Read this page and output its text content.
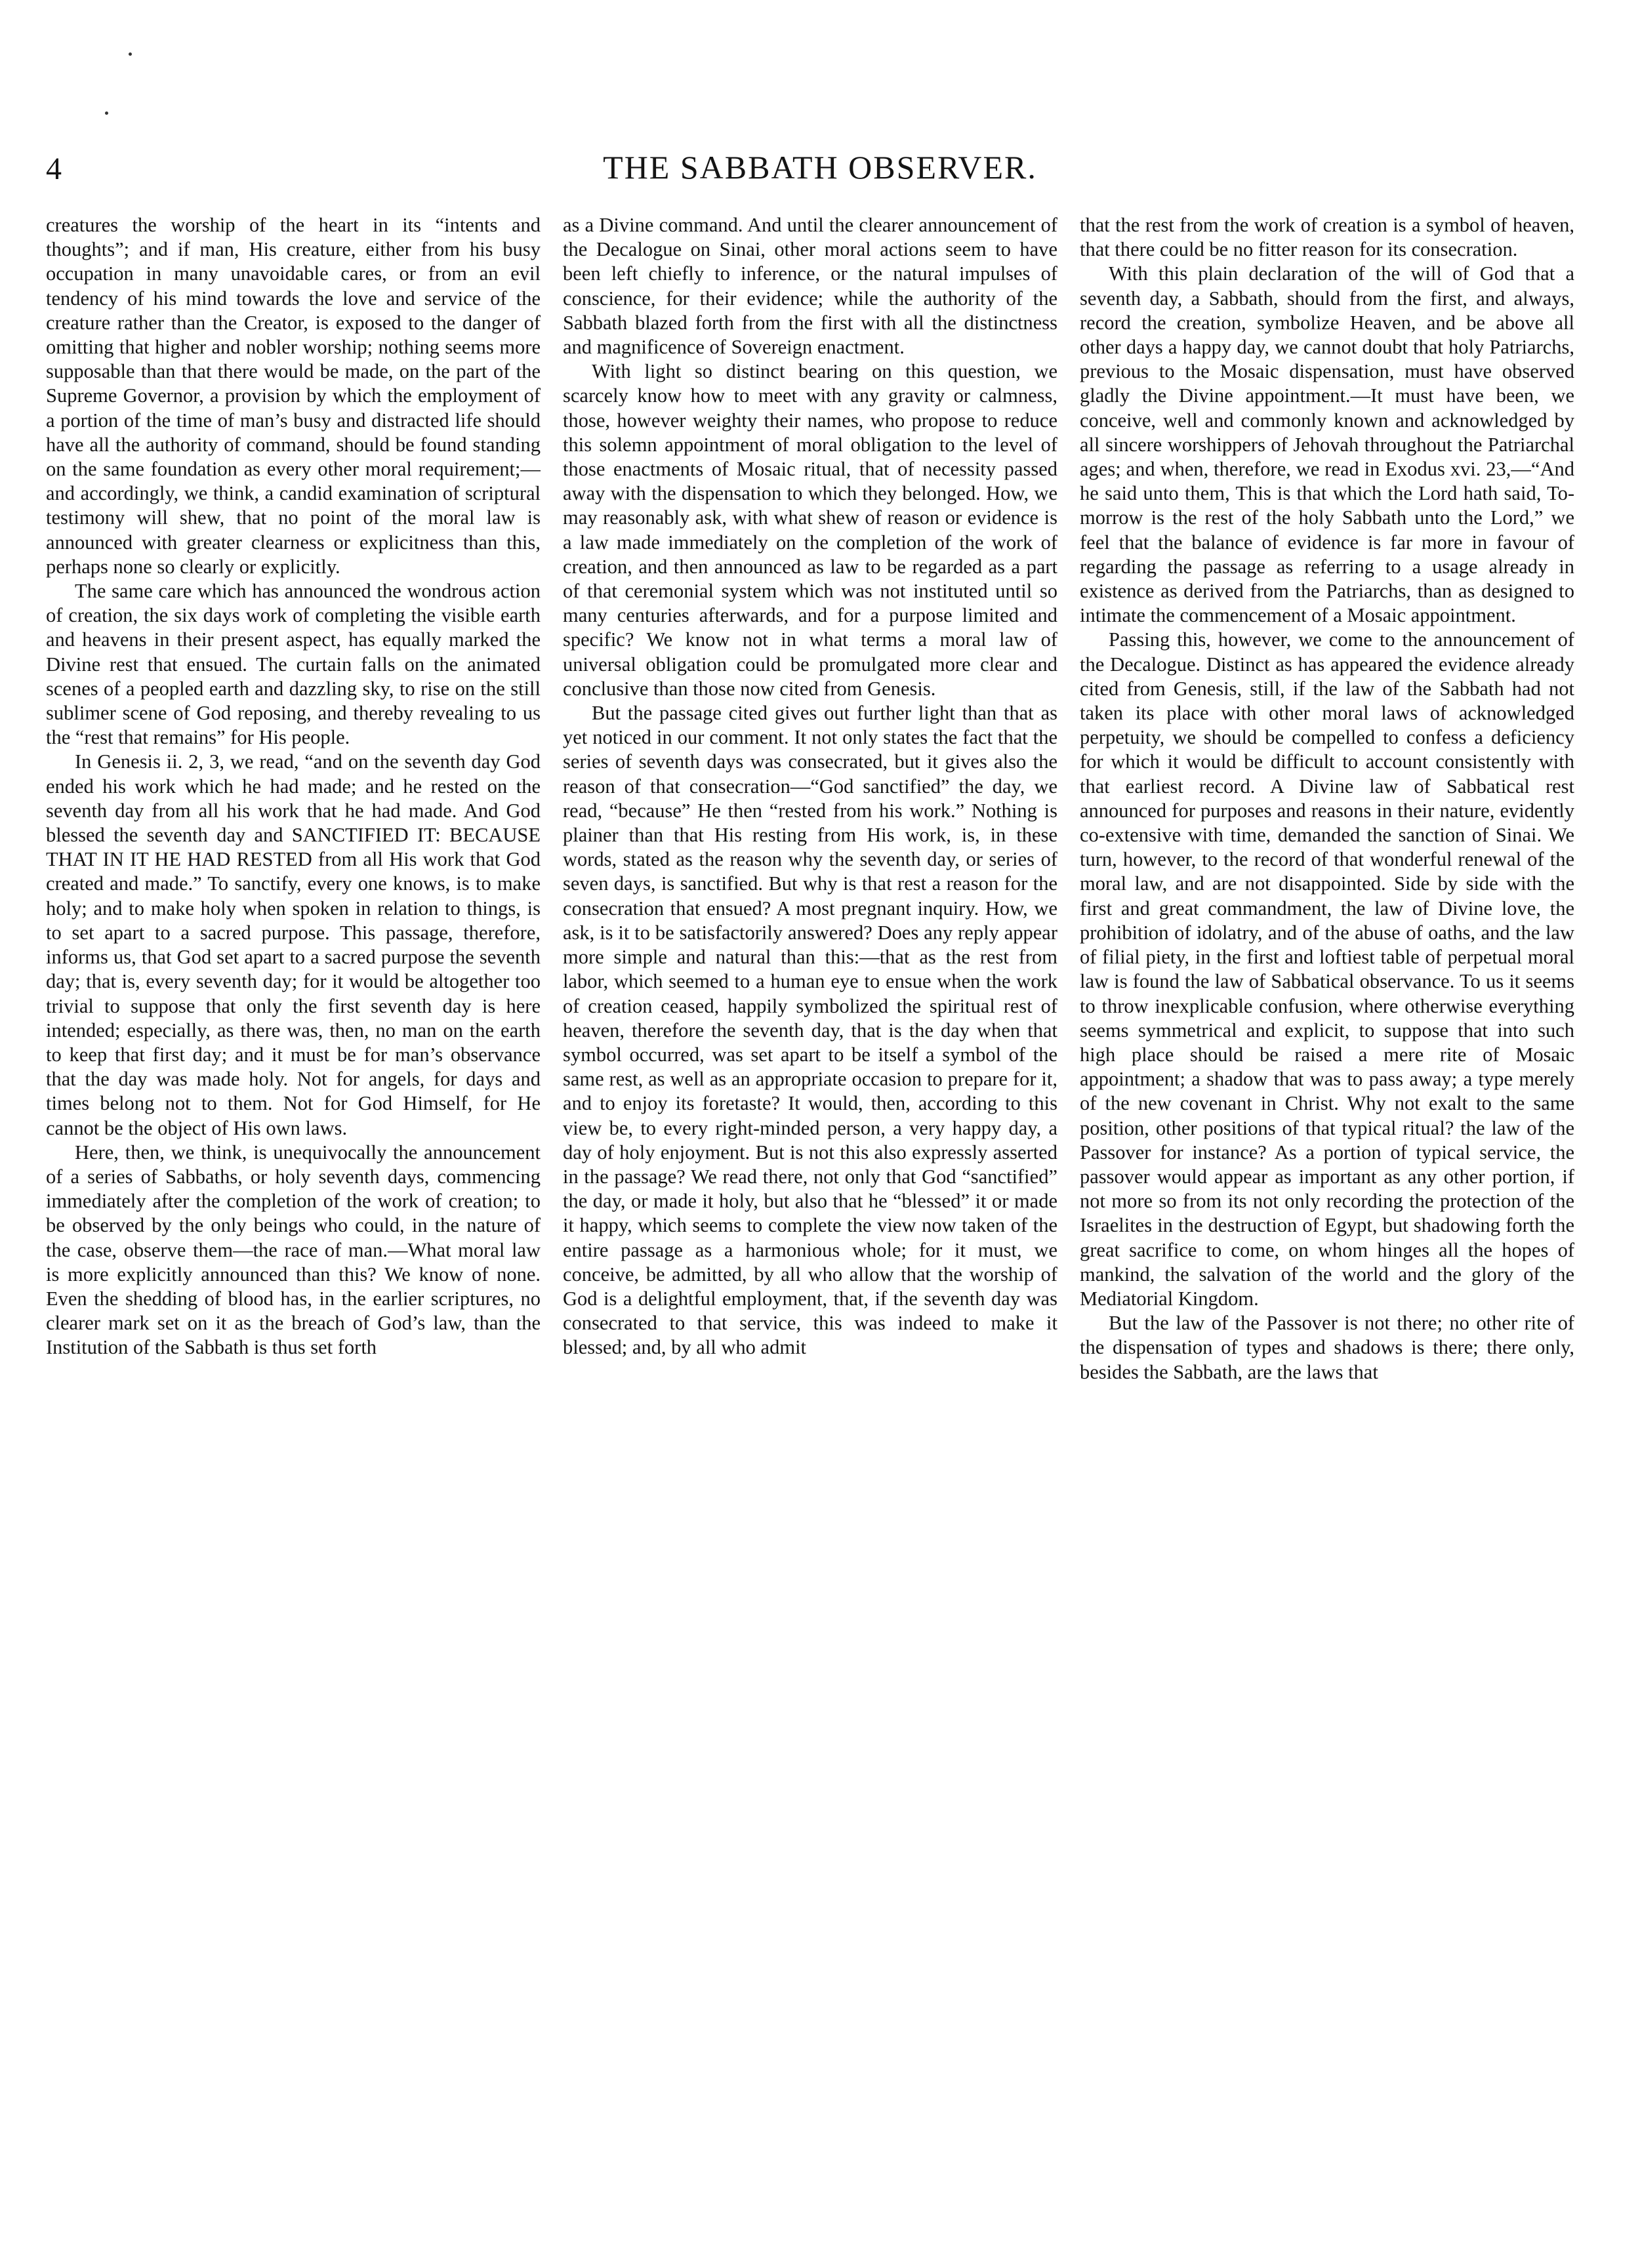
4	THE SABBATH OBSERVER.

creatures the worship of the heart in its “intents and thoughts”; and if man, His creature, either from his busy occupation in many unavoidable cares, or from an evil tendency of his mind towards the love and service of the creature rather than the Creator, is exposed to the danger of omitting that higher and nobler worship; nothing seems more supposable than that there would be made, on the part of the Supreme Governor, a provision by which the employment of a portion of the time of man’s busy and distracted life should have all the authority of command, should be found standing on the same foundation as every other moral requirement;—and accordingly, we think, a candid examination of scriptural testimony will shew, that no point of the moral law is announced with greater clearness or explicitness than this, perhaps none so clearly or explicitly.

The same care which has announced the wondrous action of creation, the six days work of completing the visible earth and heavens in their present aspect, has equally marked the Divine rest that ensued. The curtain falls on the animated scenes of a peopled earth and dazzling sky, to rise on the still sublimer scene of God reposing, and thereby revealing to us the “rest that remains” for His people.

In Genesis ii. 2, 3, we read, “and on the seventh day God ended his work which he had made; and he rested on the seventh day from all his work that he had made. And God blessed the seventh day and SANCTIFIED IT: BECAUSE THAT IN IT HE HAD RESTED from all His work that God created and made.” To sanctify, every one knows, is to make holy; and to make holy when spoken in relation to things, is to set apart to a sacred purpose. This passage, therefore, informs us, that God set apart to a sacred purpose the seventh day; that is, every seventh day; for it would be altogether too trivial to suppose that only the first seventh day is here intended; especially, as there was, then, no man on the earth to keep that first day; and it must be for man’s observance that the day was made holy. Not for angels, for days and times belong not to them. Not for God Himself, for He cannot be the object of His own laws.

Here, then, we think, is unequivocally the announcement of a series of Sabbaths, or holy seventh days, commencing immediately after the completion of the work of creation; to be observed by the only beings who could, in the nature of the case, observe them—the race of man.—What moral law is more explicitly announced than this? We know of none. Even the shedding of blood has, in the earlier scriptures, no clearer mark set on it as the breach of God’s law, than the Institution of the Sabbath is thus set forth

as a Divine command. And until the clearer announcement of the Decalogue on Sinai, other moral actions seem to have been left chiefly to inference, or the natural impulses of conscience, for their evidence; while the authority of the Sabbath blazed forth from the first with all the distinctness and magnificence of Sovereign enactment.

With light so distinct bearing on this question, we scarcely know how to meet with any gravity or calmness, those, however weighty their names, who propose to reduce this solemn appointment of moral obligation to the level of those enactments of Mosaic ritual, that of necessity passed away with the dispensation to which they belonged. How, we may reasonably ask, with what shew of reason or evidence is a law made immediately on the completion of the work of creation, and then announced as law to be regarded as a part of that ceremonial system which was not instituted until so many centuries afterwards, and for a purpose limited and specific? We know not in what terms a moral law of universal obligation could be promulgated more clear and conclusive than those now cited from Genesis.

But the passage cited gives out further light than that as yet noticed in our comment. It not only states the fact that the series of seventh days was consecrated, but it gives also the reason of that consecration—“God sanctified” the day, we read, “because” He then “rested from his work.” Nothing is plainer than that His resting from His work, is, in these words, stated as the reason why the seventh day, or series of seven days, is sanctified. But why is that rest a reason for the consecration that ensued? A most pregnant inquiry. How, we ask, is it to be satisfactorily answered? Does any reply appear more simple and natural than this:—that as the rest from labor, which seemed to a human eye to ensue when the work of creation ceased, happily symbolized the spiritual rest of heaven, therefore the seventh day, that is the day when that symbol occurred, was set apart to be itself a symbol of the same rest, as well as an appropriate occasion to prepare for it, and to enjoy its foretaste? It would, then, according to this view be, to every right-minded person, a very happy day, a day of holy enjoyment. But is not this also expressly asserted in the passage? We read there, not only that God “sanctified” the day, or made it holy, but also that he “blessed” it or made it happy, which seems to complete the view now taken of the entire passage as a harmonious whole; for it must, we conceive, be admitted, by all who allow that the worship of God is a delightful employment, that, if the seventh day was consecrated to that service, this was indeed to make it blessed; and, by all who admit

that the rest from the work of creation is a symbol of heaven, that there could be no fitter reason for its consecration.

With this plain declaration of the will of God that a seventh day, a Sabbath, should from the first, and always, record the creation, symbolize Heaven, and be above all other days a happy day, we cannot doubt that holy Patriarchs, previous to the Mosaic dispensation, must have observed gladly the Divine appointment.—It must have been, we conceive, well and commonly known and acknowledged by all sincere worshippers of Jehovah throughout the Patriarchal ages; and when, therefore, we read in Exodus xvi. 23,—“And he said unto them, This is that which the Lord hath said, To-morrow is the rest of the holy Sabbath unto the Lord,” we feel that the balance of evidence is far more in favour of regarding the passage as referring to a usage already in existence as derived from the Patriarchs, than as designed to intimate the commencement of a Mosaic appointment.

Passing this, however, we come to the announcement of the Decalogue. Distinct as has appeared the evidence already cited from Genesis, still, if the law of the Sabbath had not taken its place with other moral laws of acknowledged perpetuity, we should be compelled to confess a deficiency for which it would be difficult to account consistently with that earliest record. A Divine law of Sabbatical rest announced for purposes and reasons in their nature, evidently co-extensive with time, demanded the sanction of Sinai. We turn, however, to the record of that wonderful renewal of the moral law, and are not disappointed. Side by side with the first and great commandment, the law of Divine love, the prohibition of idolatry, and of the abuse of oaths, and the law of filial piety, in the first and loftiest table of perpetual moral law is found the law of Sabbatical observance. To us it seems to throw inexplicable confusion, where otherwise everything seems symmetrical and explicit, to suppose that into such high place should be raised a mere rite of Mosaic appointment; a shadow that was to pass away; a type merely of the new covenant in Christ. Why not exalt to the same position, other positions of that typical ritual? the law of the Passover for instance? As a portion of typical service, the passover would appear as important as any other portion, if not more so from its not only recording the protection of the Israelites in the destruction of Egypt, but shadowing forth the great sacrifice to come, on whom hinges all the hopes of mankind, the salvation of the world and the glory of the Mediatorial Kingdom.

But the law of the Passover is not there; no other rite of the dispensation of types and shadows is there; there only, besides the Sabbath, are the laws that
